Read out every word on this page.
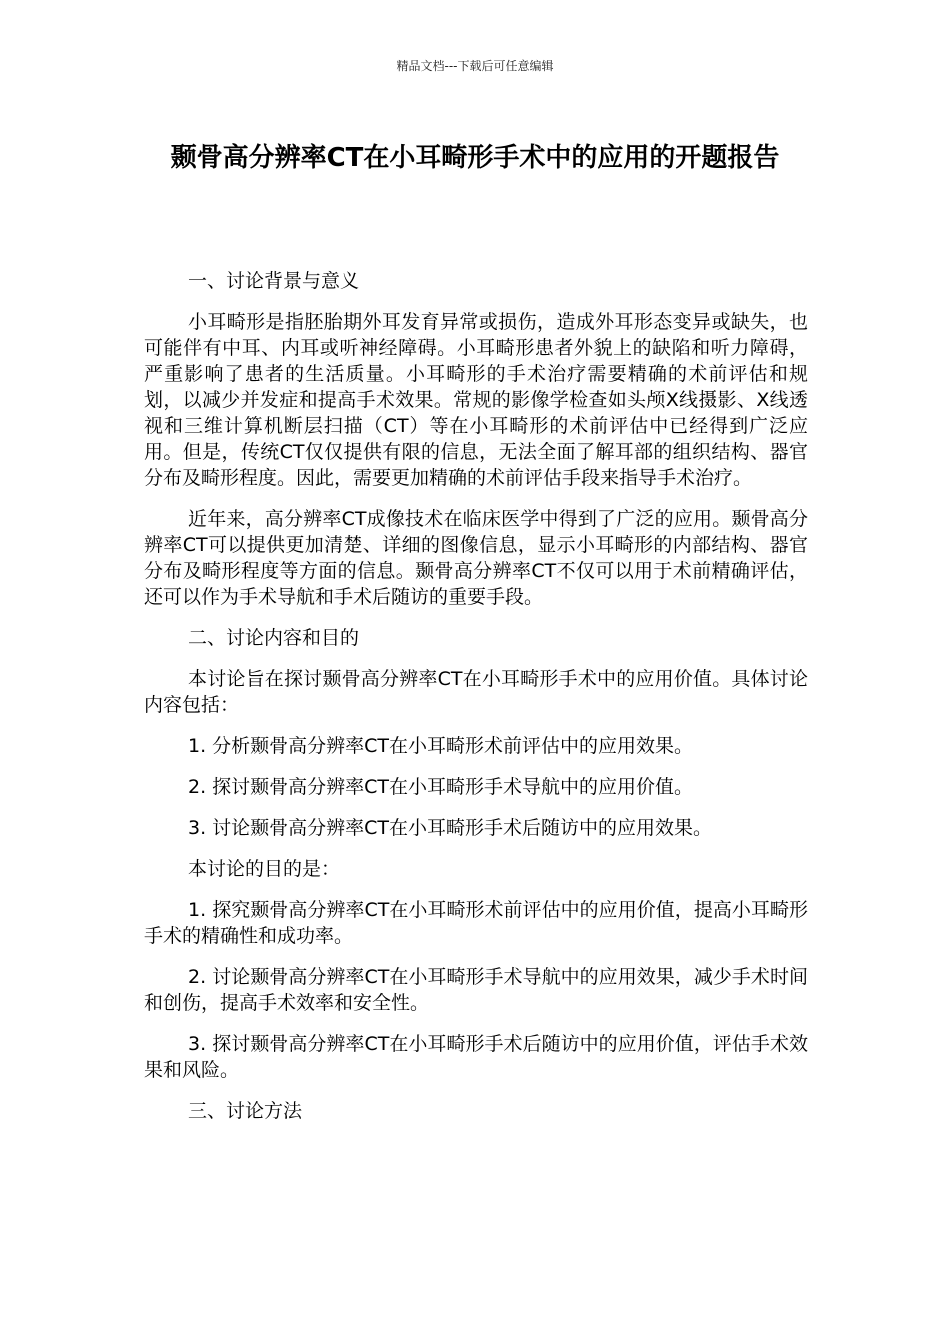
精品文档---下载后可任意编辑
颞骨高分辨率CT在小耳畸形手术中的应用的开题报告

一、讨论背景与意义

小耳畸形是指胚胎期外耳发育异常或损伤，造成外耳形态变异或缺失，也可能伴有中耳、内耳或听神经障碍。小耳畸形患者外貌上的缺陷和听力障碍，严重影响了患者的生活质量。小耳畸形的手术治疗需要精确的术前评估和规划，以减少并发症和提高手术效果。常规的影像学检查如头颅X线摄影、X线透视和三维计算机断层扫描（CT）等在小耳畸形的术前评估中已经得到广泛应用。但是，传统CT仅仅提供有限的信息，无法全面了解耳部的组织结构、器官分布及畸形程度。因此，需要更加精确的术前评估手段来指导手术治疗。

近年来，高分辨率CT成像技术在临床医学中得到了广泛的应用。颞骨高分辨率CT可以提供更加清楚、详细的图像信息，显示小耳畸形的内部结构、器官分布及畸形程度等方面的信息。颞骨高分辨率CT不仅可以用于术前精确评估，还可以作为手术导航和手术后随访的重要手段。

二、讨论内容和目的

本讨论旨在探讨颞骨高分辨率CT在小耳畸形手术中的应用价值。具体讨论内容包括：

1. 分析颞骨高分辨率CT在小耳畸形术前评估中的应用效果。

2. 探讨颞骨高分辨率CT在小耳畸形手术导航中的应用价值。

3. 讨论颞骨高分辨率CT在小耳畸形手术后随访中的应用效果。

本讨论的目的是：

1. 探究颞骨高分辨率CT在小耳畸形术前评估中的应用价值，提高小耳畸形手术的精确性和成功率。

2. 讨论颞骨高分辨率CT在小耳畸形手术导航中的应用效果，减少手术时间和创伤，提高手术效率和安全性。

3. 探讨颞骨高分辨率CT在小耳畸形手术后随访中的应用价值，评估手术效果和风险。

三、讨论方法
